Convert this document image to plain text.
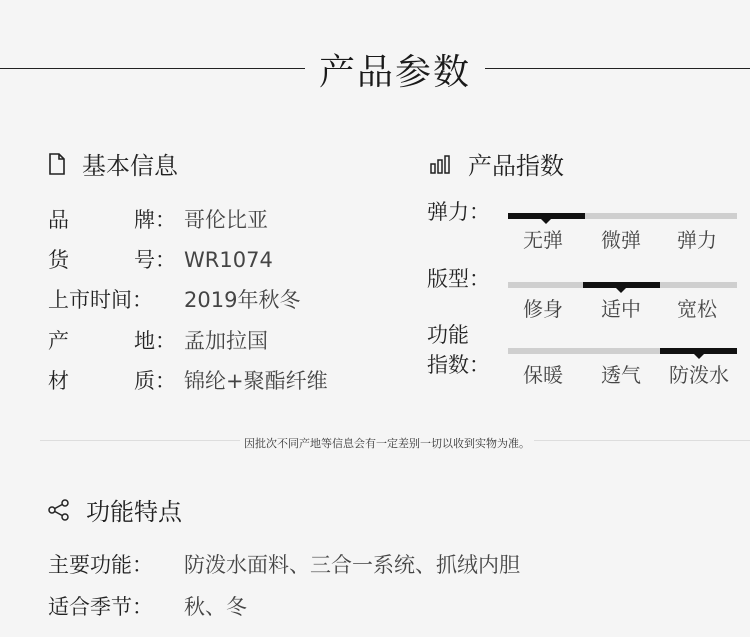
产品参数
基本信息
品	牌： 哥伦比亚
货	号： WR1074
上市时间： 2019年秋冬
产	地： 孟加拉国
材	质： 锦纶+聚酯纤维
产品指数
弹力：
无弹	微弹	弹力
版型：
修身	适中	宽松
功能
指数：	保暖	透气	防泼水
因批次不同产地等信息会有一定差别一切以收到实物为准。
功能特点
主要功能：	防泼水面料、三合一系统、抓绒内胆
适合季节：	秋、冬
